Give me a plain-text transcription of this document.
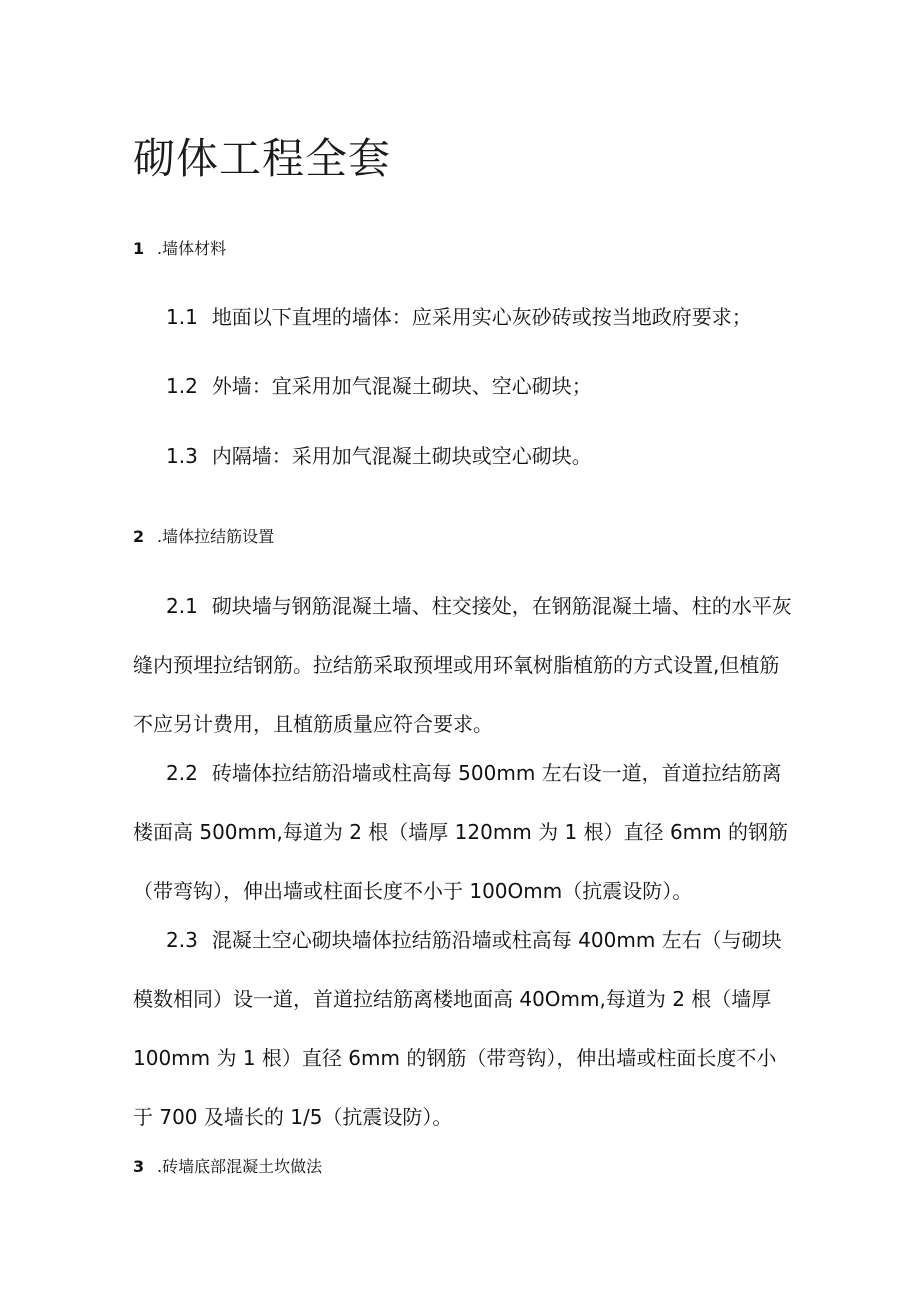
砌体工程全套
1 .墙体材料
1.1 地面以下直埋的墙体：应采用实心灰砂砖或按当地政府要求；
1.2 外墙：宜采用加气混凝土砌块、空心砌块；
1.3 内隔墙：采用加气混凝土砌块或空心砌块。
2 .墙体拉结筋设置
2.1 砌块墙与钢筋混凝土墙、柱交接处，在钢筋混凝土墙、柱的水平灰缝内预埋拉结钢筋。拉结筋采取预埋或用环氧树脂植筋的方式设置,但植筋不应另计费用，且植筋质量应符合要求。
2.2 砖墙体拉结筋沿墙或柱高每 500mm 左右设一道，首道拉结筋离楼面高 500mm,每道为 2 根（墙厚 120mm 为 1 根）直径 6mm 的钢筋（带弯钩），伸出墙或柱面长度不小于 100Omm（抗震设防）。
2.3 混凝土空心砌块墙体拉结筋沿墙或柱高每 400mm 左右（与砌块模数相同）设一道，首道拉结筋离楼地面高 40Omm,每道为 2 根（墙厚 100mm 为 1 根）直径 6mm 的钢筋（带弯钩），伸出墙或柱面长度不小于 700 及墙长的 1/5（抗震设防）。
3 .砖墙底部混凝土坎做法
